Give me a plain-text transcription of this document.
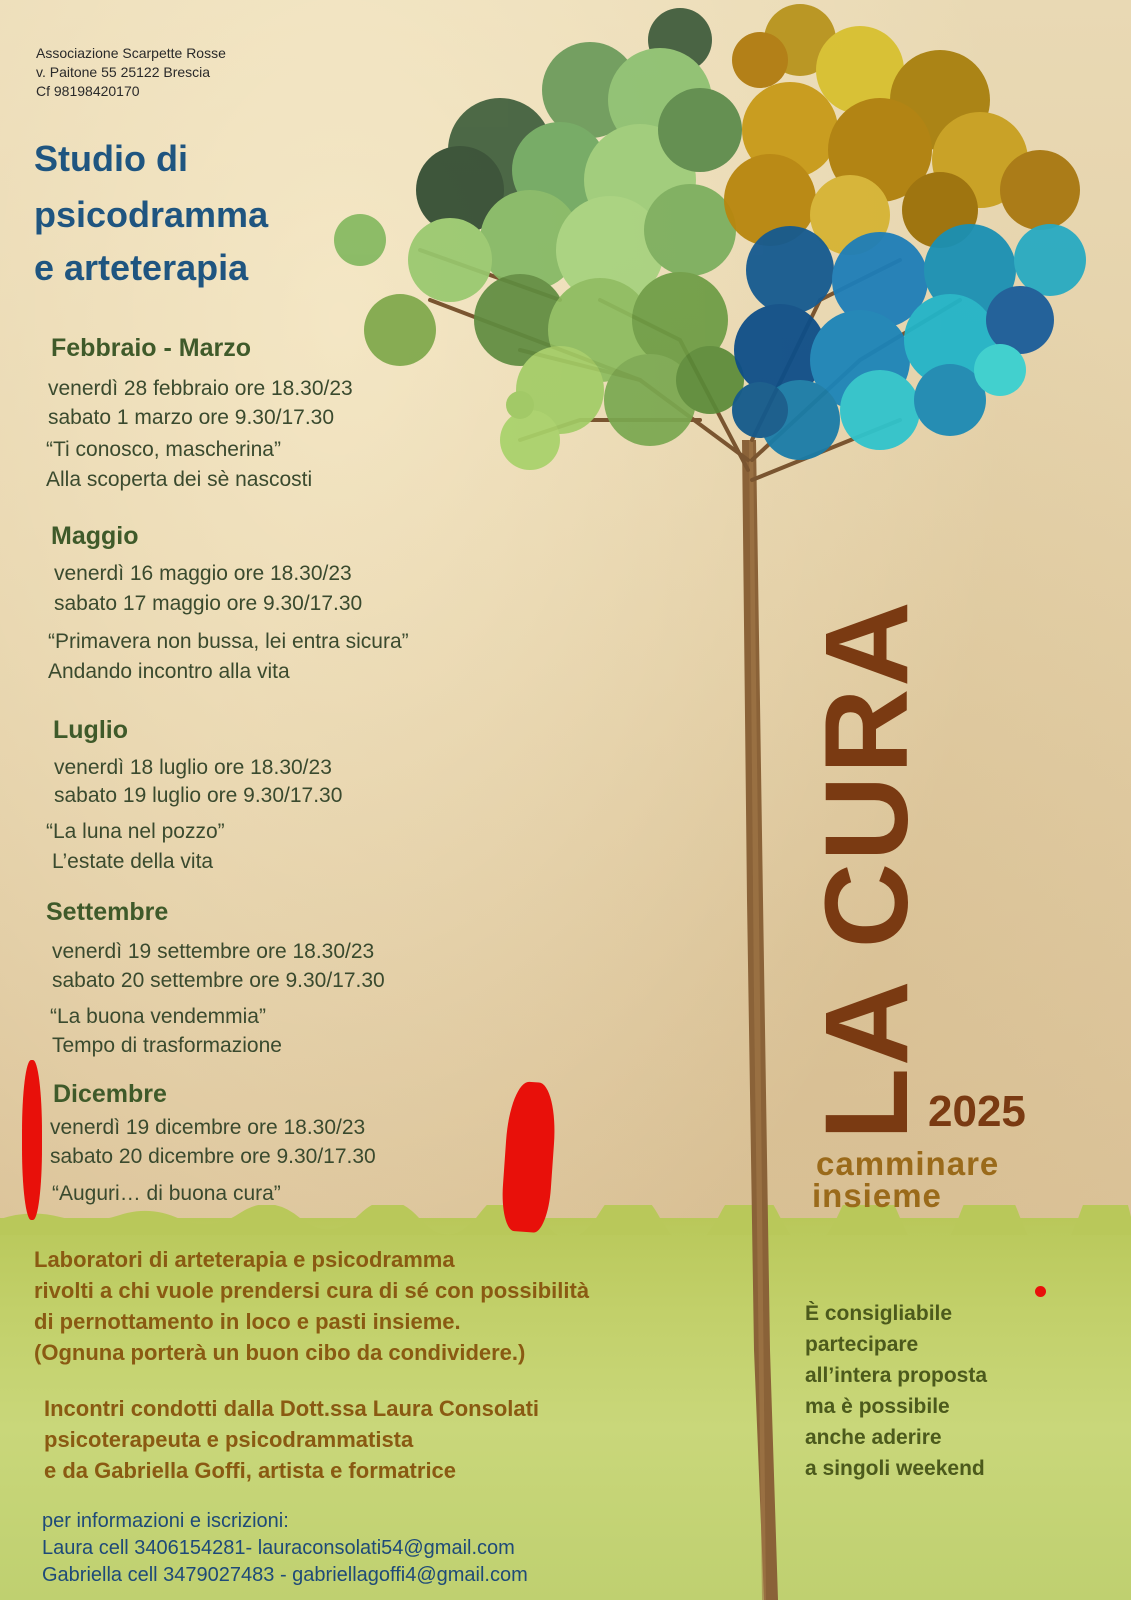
Associazione Scarpette Rosse
v. Paitone 55 25122 Brescia
Cf 98198420170
Studio di
psicodramma
e arteterapia
Febbraio - Marzo
venerdì 28 febbraio ore 18.30/23
sabato 1 marzo ore 9.30/17.30
“Ti conosco, mascherina”
Alla scoperta dei sè nascosti
Maggio
venerdì 16 maggio ore 18.30/23
sabato 17 maggio ore 9.30/17.30
“Primavera non bussa, lei entra sicura”
Andando incontro alla vita
Luglio
venerdì 18 luglio ore 18.30/23
sabato 19 luglio ore 9.30/17.30
“La luna nel pozzo”
L’estate della vita
Settembre
venerdì 19 settembre ore 18.30/23
sabato 20 settembre ore 9.30/17.30
“La buona vendemmia”
Tempo di trasformazione
Dicembre
venerdì 19 dicembre ore 18.30/23
sabato 20 dicembre ore 9.30/17.30
“Auguri… di buona cura”
LA CURA
2025
camminare
insieme
Laboratori di arteterapia e psicodramma
rivolti a chi vuole prendersi cura di sé con possibilità
di pernottamento in loco e pasti insieme.
(Ognuna porterà un buon cibo da condividere.)
Incontri condotti dalla Dott.ssa Laura Consolati
psicoterapeuta e psicodrammatista
e da Gabriella Goffi, artista e formatrice
per informazioni e iscrizioni:
Laura cell 3406154281- lauraconsolati54@gmail.com
Gabriella cell 3479027483 - gabriellagoffi4@gmail.com
È consigliabile
partecipare
all’intera proposta
ma è possibile
anche aderire
a singoli weekend
